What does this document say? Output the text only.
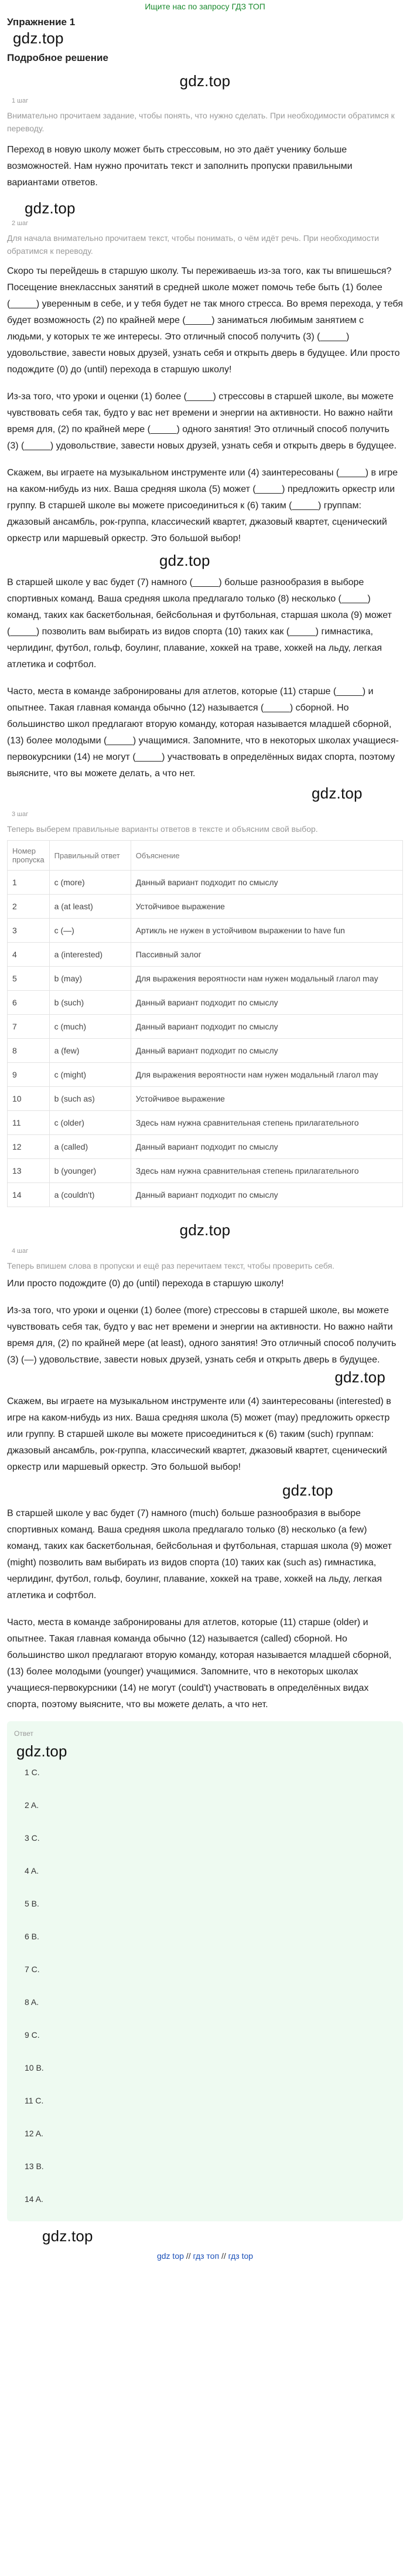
Ищите нас по запросу ГДЗ ТОП
Упражнение 1
gdz.top
Подробное решение
gdz.top
1 шаг
Внимательно прочитаем задание, чтобы понять, что нужно сделать. При необходимости обратимся к переводу.

Переход в новую школу может быть стрессовым, но это даёт ученику больше возможностей. Нам нужно прочитать текст и заполнить пропуски правильными вариантами ответов.

gdz.top
2 шаг
Для начала внимательно прочитаем текст, чтобы понимать, о чём идёт речь. При необходимости обратимся к переводу.

Скоро ты перейдешь в старшую школу. Ты переживаешь из-за того, как ты впишешься? Посещение внеклассных занятий в средней школе может помочь тебе быть (1) более (_____) уверенным в себе, и у тебя будет не так много стресса. Во время перехода, у тебя будет возможность (2) по крайней мере (_____) заниматься любимым занятием с людьми, у которых те же интересы. Это отличный способ получить (3) (_____) удовольствие, завести новых друзей, узнать себя и открыть дверь в будущее. Или просто подождите (0) до (until) перехода в старшую школу!

Из-за того, что уроки и оценки (1) более (_____) стрессовы в старшей школе, вы можете чувствовать себя так, будто у вас нет времени и энергии на активности. Но важно найти время для, (2) по крайней мере (_____) одного занятия! Это отличный способ получить (3) (_____) удовольствие, завести новых друзей, узнать себя и открыть дверь в будущее.

Скажем, вы играете на музыкальном инструменте или (4) заинтересованы (_____) в игре на каком-нибудь из них. Ваша средняя школа (5) может (_____) предложить оркестр или группу. В старшей школе вы можете присоединиться к (6) таким (_____) группам: джазовый ансамбль, рок-группа, классический квартет, джазовый квартет, сценический оркестр или маршевый оркестр. Это большой выбор!

gdz.top

В старшей школе у вас будет (7) намного (_____) больше разнообразия в выборе спортивных команд. Ваша средняя школа предлагало только (8) несколько (_____) команд, таких как баскетбольная, бейсбольная и футбольная, старшая школа (9) может (_____) позволить вам выбирать из видов спорта (10) таких как (_____) гимнастика, черлидинг, футбол, гольф, боулинг, плавание, хоккей на траве, хоккей на льду, легкая атлетика и софтбол.

Часто, места в команде забронированы для атлетов, которые (11) старше (_____) и опытнее. Такая главная команда обычно (12) называется (_____) сборной. Но большинство школ предлагают вторую команду, которая называется младшей сборной, (13) более молодыми (_____) учащимися. Запомните, что в некоторых школах учащиеся-первокурсники (14) не могут (_____) участвовать в определённых видах спорта, поэтому выясните, что вы можете делать, а что нет.

gdz.top
3 шаг
Теперь выберем правильные варианты ответов в тексте и объясним свой выбор.
Номер пропуска	Правильный ответ	Объяснение
1	c (more)	Данный вариант подходит по смыслу
2	a (at least)	Устойчивое выражение
3	c (—)	Артикль не нужен в устойчивом выражении to have fun
4	a (interested)	Пассивный залог
5	b (may)	Для выражения вероятности нам нужен модальный глагол may
6	b (such)	Данный вариант подходит по смыслу
7	c (much)	Данный вариант подходит по смыслу
8	a (few)	Данный вариант подходит по смыслу
9	c (might)	Для выражения вероятности нам нужен модальный глагол may
10	b (such as)	Устойчивое выражение
11	c (older)	Здесь нам нужна сравнительная степень прилагательного
12	a (called)	Данный вариант подходит по смыслу
13	b (younger)	Здесь нам нужна сравнительная степень прилагательного
14	a (couldn't)	Данный вариант подходит по смыслу
gdz.top
4 шаг
Теперь впишем слова в пропуски и ещё раз перечитаем текст, чтобы проверить себя.

Или просто подождите (0) до (until) перехода в старшую школу!

Из-за того, что уроки и оценки (1) более (more) стрессовы в старшей школе, вы можете чувствовать себя так, будто у вас нет времени и энергии на активности. Но важно найти время для, (2) по крайней мере (at least), одного занятия! Это отличный способ получить (3) (—) удовольствие, завести новых друзей, узнать себя и открыть дверь в будущее.

gdz.top

Скажем, вы играете на музыкальном инструменте или (4) заинтересованы (interested) в игре на каком-нибудь из них. Ваша средняя школа (5) может (may) предложить оркестр или группу. В старшей школе вы можете присоединиться к (6) таким (such) группам: джазовый ансамбль, рок-группа, классический квартет, джазовый квартет, сценический оркестр или маршевый оркестр. Это большой выбор!

gdz.top

В старшей школе у вас будет (7) намного (much) больше разнообразия в выборе спортивных команд. Ваша средняя школа предлагало только (8) несколько (a few) команд, таких как баскетбольная, бейсбольная и футбольная, старшая школа (9) может (might) позволить вам выбирать из видов спорта (10) таких как (such as) гимнастика, черлидинг, футбол, гольф, боулинг, плавание, хоккей на траве, хоккей на льду, легкая атлетика и софтбол.

Часто, места в команде забронированы для атлетов, которые (11) старше (older) и опытнее. Такая главная команда обычно (12) называется (called) сборной. Но большинство школ предлагают вторую команду, которая называется младшей сборной, (13) более молодыми (younger) учащимися. Запомните, что в некоторых школах учащиеся-первокурсники (14) не могут (could't) участвовать в определённых видах спорта, поэтому выясните, что вы можете делать, а что нет.

Ответ
gdz.top
1 C.
2 A.
3 C.
4 A.
5 B.
6 B.
7 C.
8 A.
9 C.
10 B.
11 C.
12 A.
13 B.
14 A.
gdz.top
gdz top // гдз топ // гдз top
